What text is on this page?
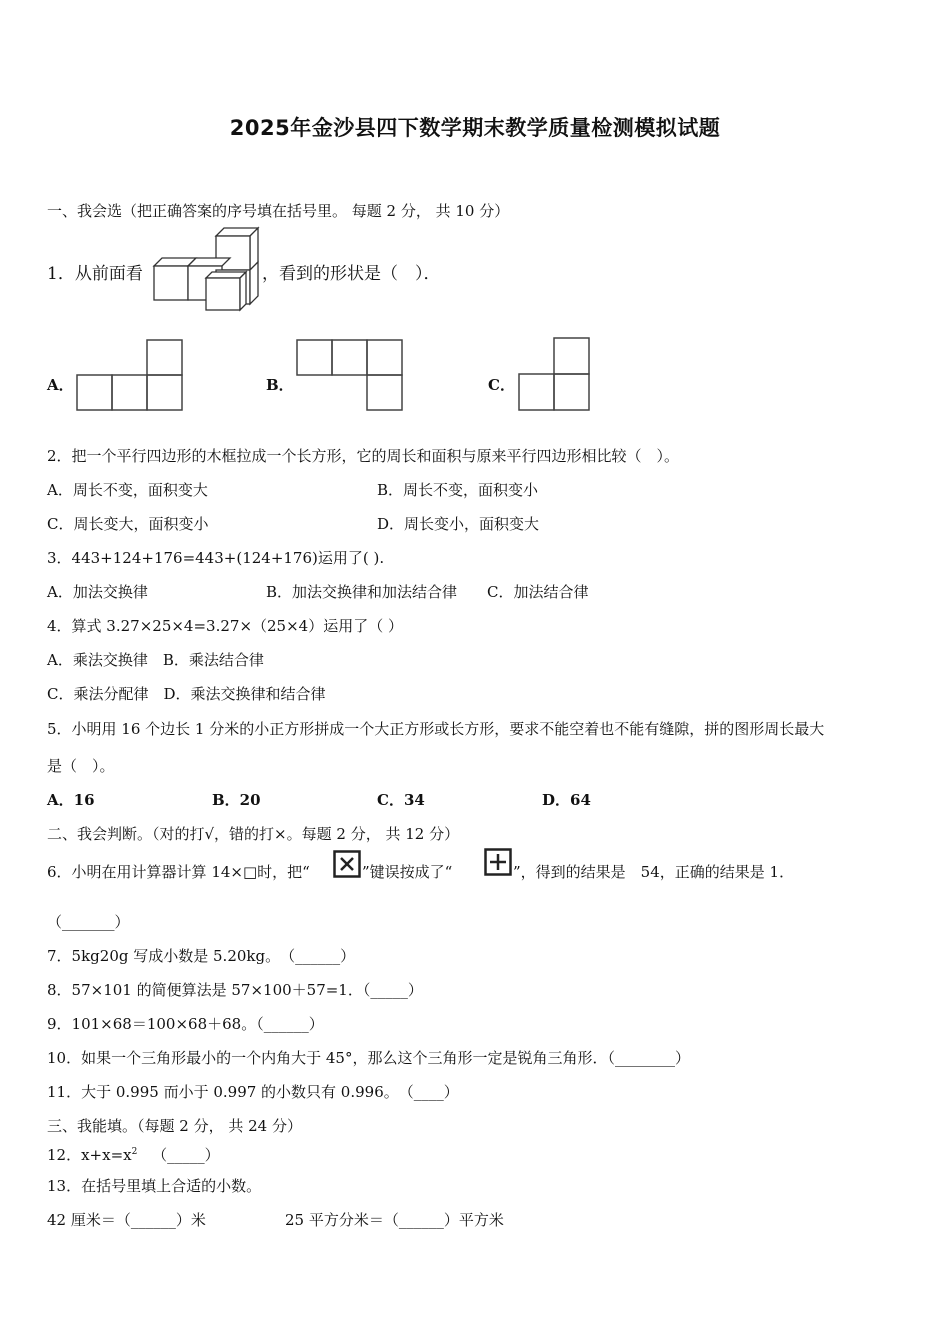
2025年金沙县四下数学期末教学质量检测模拟试题
一、我会选（把正确答案的序号填在括号里。 每题 2 分， 共 10 分）
1．从前面看	，看到的形状是（　）．
A．	B．	C．
2．把一个平行四边形的木框拉成一个长方形，它的周长和面积与原来平行四边形相比较（　）。
A．周长不变，面积变大	B．周长不变，面积变小
C．周长变大，面积变小	D．周长变小，面积变大
3．443+124+176=443+(124+176)运用了( ).
A．加法交换律	B．加法交换律和加法结合律 C．加法结合律
4．算式 3.27×25×4=3.27×（25×4）运用了（ ）
A．乘法交换律　B．乘法结合律
C．乘法分配律　D．乘法交换律和结合律
5．小明用 16 个边长 1 分米的小正方形拼成一个大正方形或长方形，要求不能空着也不能有缝隙，拼的图形周长最大
是（　）。
A．16	B．20	C．34	D．64
二、我会判断。（对的打√，错的打×。每题 2 分， 共 12 分）
6．小明在用计算器计算 14×□时，把“	”键误按成了“	”，得到的结果是　54，正确的结果是 1．
（_______）
7．5kg20g 写成小数是 5.20kg。　（______）
8．57×101 的简便算法是 57×100＋57=1．（_____）
9．101×68＝100×68＋68。（______）
10．如果一个三角形最小的一个内角大于 45°，那么这个三角形一定是锐角三角形．（________）
11．大于 0.995 而小于 0.997 的小数只有 0.996。　（____）
三、我能填。（每题 2 分， 共 24 分）
12．$x+x=x^2$ （_____）
13．在括号里填上合适的小数。
42 厘米＝（______）米	25 平方分米＝（______）平方米
